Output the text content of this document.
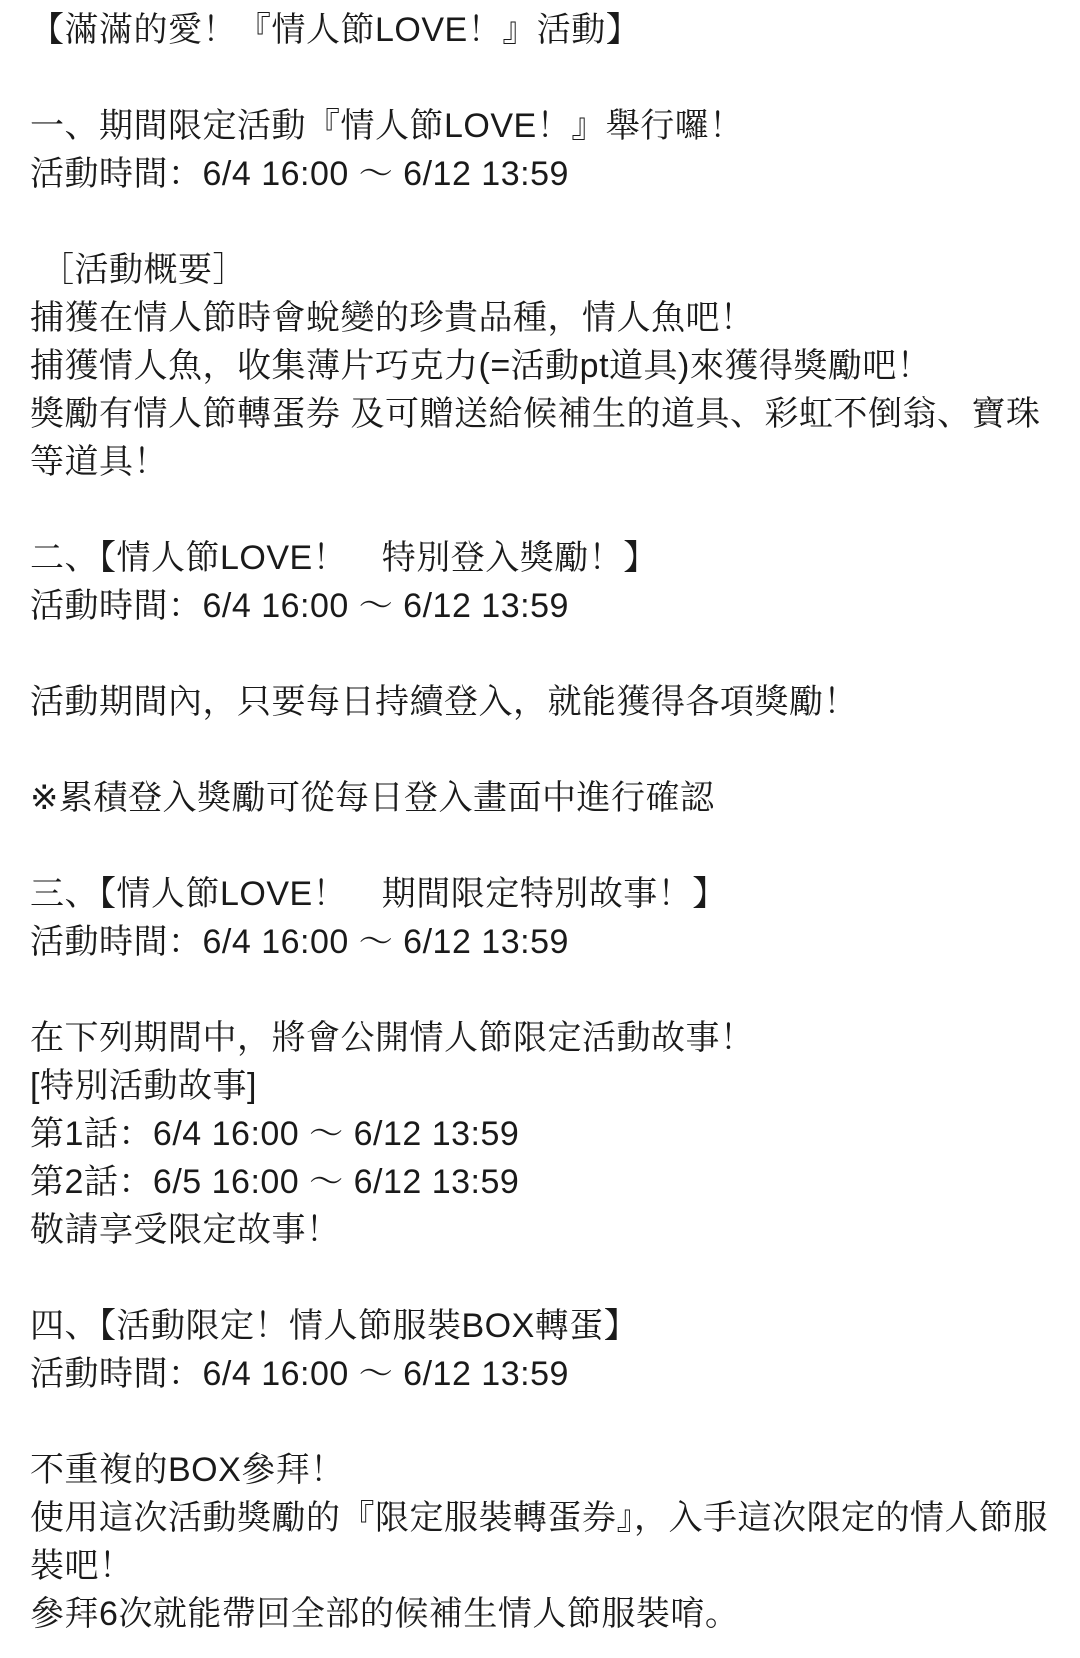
【滿滿的愛！『情人節LOVE！』活動】
一、期間限定活動『情人節LOVE！』舉行囉！
活動時間：6/4 16:00 ～ 6/12 13:59
［活動概要］
捕獲在情人節時會蛻變的珍貴品種，情人魚吧！
捕獲情人魚，收集薄片巧克力(=活動pt道具)來獲得獎勵吧！
獎勵有情人節轉蛋券 及可贈送給候補生的道具、彩虹不倒翁、寶珠等道具！
二、【情人節LOVE！　特別登入獎勵！】
活動時間：6/4 16:00 ～ 6/12 13:59
活動期間內，只要每日持續登入，就能獲得各項獎勵！
※累積登入獎勵可從每日登入畫面中進行確認
三、【情人節LOVE！　期間限定特別故事！】
活動時間：6/4 16:00 ～ 6/12 13:59
在下列期間中，將會公開情人節限定活動故事！
[特別活動故事]
第1話：6/4 16:00 ～ 6/12 13:59
第2話：6/5 16:00 ～ 6/12 13:59
敬請享受限定故事！
四、【活動限定！情人節服裝BOX轉蛋】
活動時間：6/4 16:00 ～ 6/12 13:59
不重複的BOX參拜！
使用這次活動獎勵的『限定服裝轉蛋券』，入手這次限定的情人節服裝吧！
參拜6次就能帶回全部的候補生情人節服裝唷。
